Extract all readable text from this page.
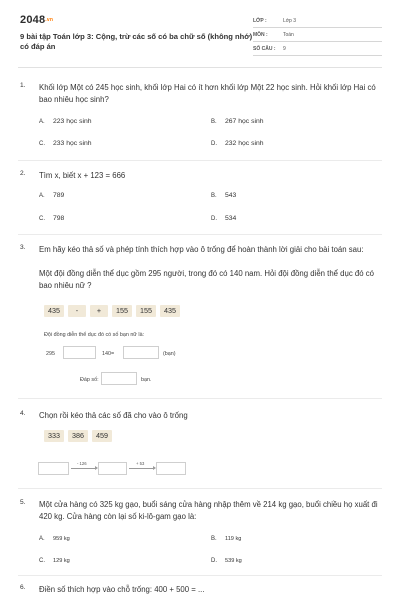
2048.vn
9 bài tập Toán lớp 3: Cộng, trừ các số có ba chữ số (không nhớ) có đáp án
LỚP :	Lớp 3
MÔN :	Toán
SỐ CÂU :	9
1. Khối lớp Một có 245 học sinh, khối lớp Hai có ít hơn khối lớp Một 22 học sinh. Hỏi khối lớp Hai có bao nhiêu học sinh?
A. 223 học sinh	B. 267 học sinh
C. 233 học sinh	D. 232 học sinh
2. Tìm x, biết x + 123 = 666
A. 789	B. 543
C. 798	D. 534
3. Em hãy kéo thả số và phép tính thích hợp vào ô trống để hoàn thành lời giải cho bài toán sau:
Một đội đồng diễn thể dục gồm 295 người, trong đó có 140 nam. Hỏi đội đồng diễn thể dục đó có bao nhiêu nữ ?
435	-	+	155	155	435
Đội đồng diễn thể dục đó có số bạn nữ là:
295	140=	(bạn)
Đáp số:	bạn.
4. Chọn rồi kéo thả các số đã cho vào ô trống
333	386	459
- 126	+ 53
5. Một cửa hàng có 325 kg gạo, buổi sáng cửa hàng nhập thêm về 214 kg gạo, buổi chiều họ xuất đi 420 kg. Cửa hàng còn lại số ki-lô-gam gạo là:
A. 959 kg	B. 119 kg
C. 129 kg	D. 539 kg
6. Điền số thích hợp vào chỗ trống: 400 + 500 = ...
